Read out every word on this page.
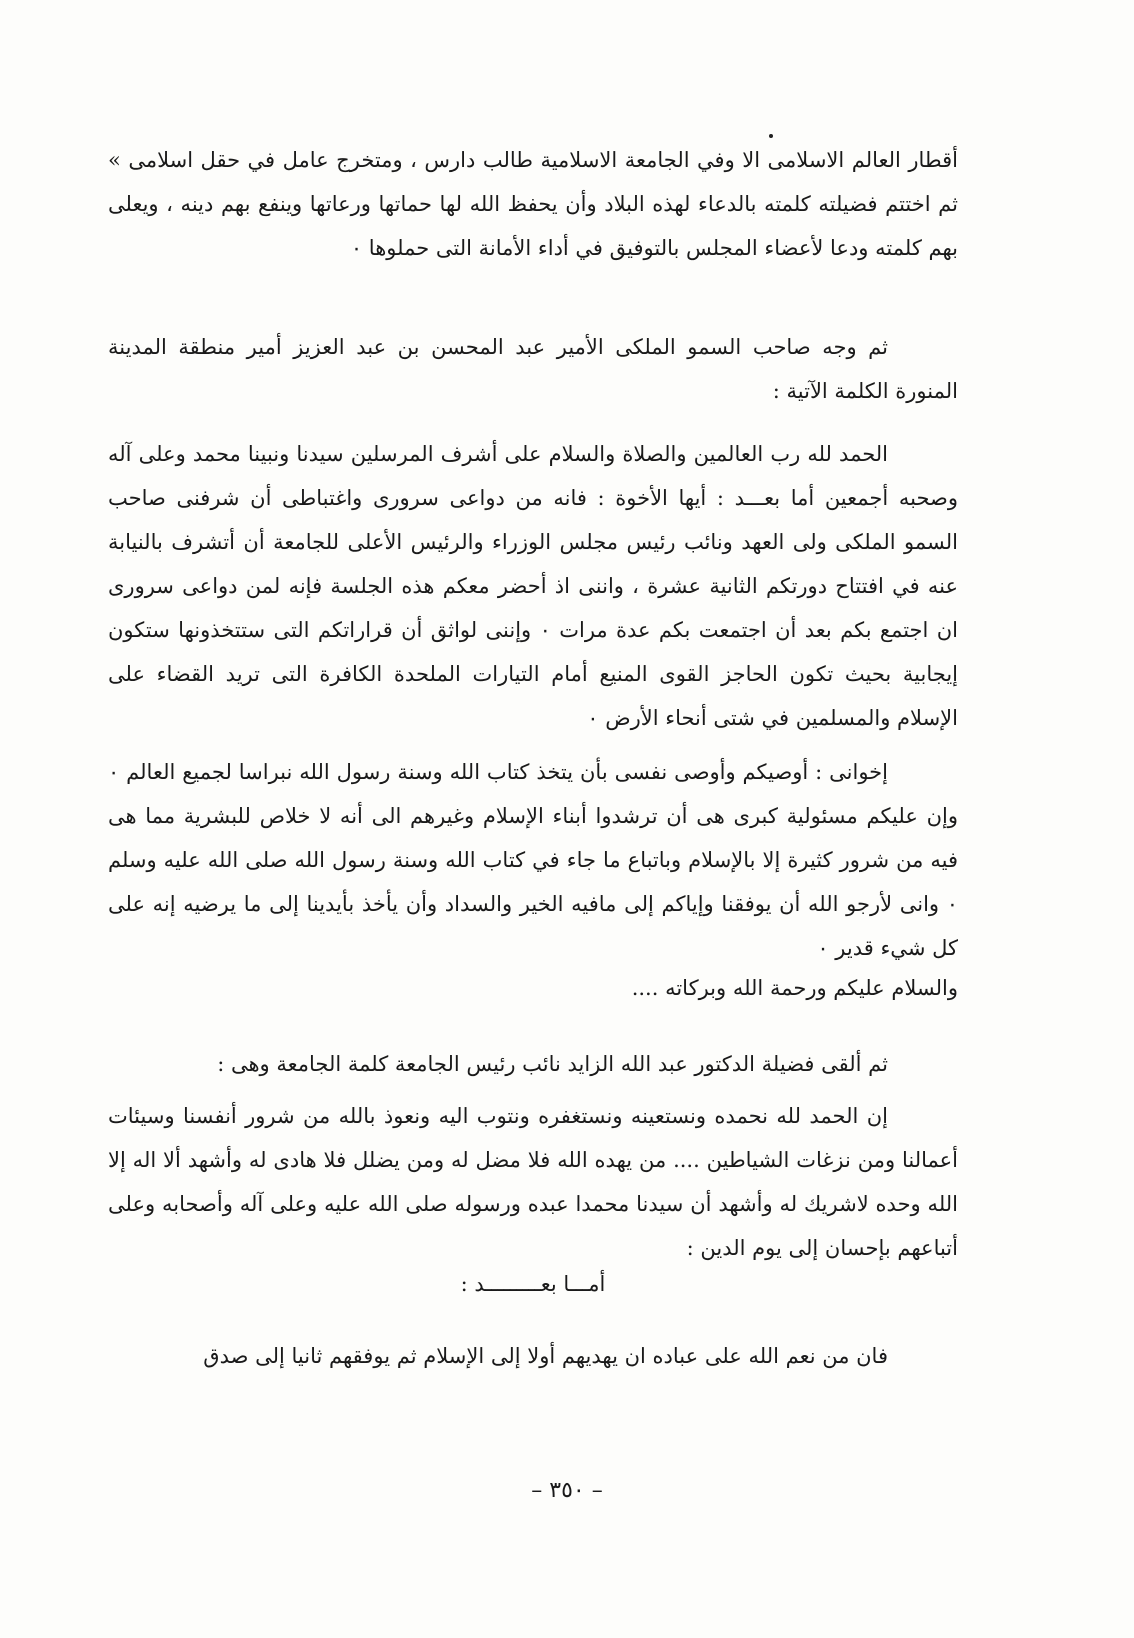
أقطار العالم الاسلامى الا وفي الجامعة الاسلامية طالب دارس ، ومتخرج عامل في حقل اسلامى » ثم اختتم فضيلته كلمته بالدعاء لهذه البلاد وأن يحفظ الله لها حماتها ورعاتها وينفع بهم دينه ، ويعلى بهم كلمته ودعا لأعضاء المجلس بالتوفيق في أداء الأمانة التى حملوها ٠

ثم وجه صاحب السمو الملكى الأمير عبد المحسن بن عبد العزيز أمير منطقة المدينة المنورة الكلمة الآتية :

الحمد لله رب العالمين والصلاة والسلام على أشرف المرسلين سيدنا ونبينا محمد وعلى آله وصحبه أجمعين أما بعـــد : أيها الأخوة : فانه من دواعى سرورى واغتباطى أن شرفنى صاحب السمو الملكى ولى العهد ونائب رئيس مجلس الوزراء والرئيس الأعلى للجامعة أن أتشرف بالنيابة عنه في افتتاح دورتكم الثانية عشرة ، واننى اذ أحضر معكم هذه الجلسة فإنه لمن دواعى سرورى ان اجتمع بكم بعد أن اجتمعت بكم عدة مرات ٠ وإننى لواثق أن قراراتكم التى ستتخذونها ستكون إيجابية بحيث تكون الحاجز القوى المنيع أمام التيارات الملحدة الكافرة التى تريد القضاء على الإسلام والمسلمين في شتى أنحاء الأرض ٠

إخوانى : أوصيكم وأوصى نفسى بأن يتخذ كتاب الله وسنة رسول الله نبراسا لجميع العالم ٠ وإن عليكم مسئولية كبرى هى أن ترشدوا أبناء الإسلام وغيرهم الى أنه لا خلاص للبشرية مما هى فيه من شرور كثيرة إلا بالإسلام وباتباع ما جاء في كتاب الله وسنة رسول الله صلى الله عليه وسلم ٠ وانى لأرجو الله أن يوفقنا وإياكم إلى مافيه الخير والسداد وأن يأخذ بأيدينا إلى ما يرضيه إنه على كل شيء قدير ٠

والسلام عليكم ورحمة الله وبركاته ....

ثم ألقى فضيلة الدكتور عبد الله الزايد نائب رئيس الجامعة كلمة الجامعة وهى :

إن الحمد لله نحمده ونستعينه ونستغفره ونتوب اليه ونعوذ بالله من شرور أنفسنا وسيئات أعمالنا ومن نزغات الشياطين .... من يهده الله فلا مضل له ومن يضلل فلا هادى له وأشهد ألا اله إلا الله وحده لاشريك له وأشهد أن سيدنا محمدا عبده ورسوله صلى الله عليه وعلى آله وأصحابه وعلى أتباعهم بإحسان إلى يوم الدين :

أمـــا بعـــــــــد :

فان من نعم الله على عباده ان يهديهم أولا إلى الإسلام ثم يوفقهم ثانيا إلى صدق

– ٣٥٠ –
